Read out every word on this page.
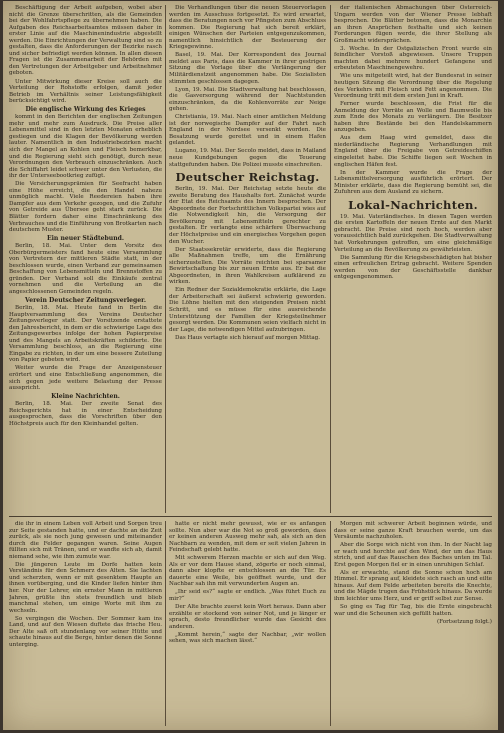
Beschäftigung der Arbeit aufgeben, wobei aber nicht die Grenze überschritten, als die Gemeinden bei der Wohlfahrtspflege zu übernehmen haben. Die Aufgaben des Reichsarbeitsamtes müssen daher in erster Linie auf die Maschinenindustrie abgestellt werden. Die Einrichtungen der Verwaltung sind so zu gestalten, dass die Anforderungen der Bezirke rasch und sicher befriedigt werden können. In allen diesen Fragen ist die Zusammenarbeit der Behörden mit den Vertretungen der Arbeitgeber und Arbeitnehmer geboten.

Unter Mitwirkung dieser Kreise soll auch die Verteilung der Rohstoffe erfolgen, damit jeder Betrieb im Verhältnis seiner Leistungsfähigkeit berücksichtigt wird.

Die englische Wirkung des Krieges

kommt in den Berichten der englischen Zeitungen mehr und mehr zum Ausdruck. Die Preise aller Lebensmittel sind in den letzten Monaten erheblich gestiegen und die Klagen der Bevölkerung werden lauter. Namentlich in den Industriebezirken macht sich der Mangel an Kohlen und Fleisch bemerkbar, und die Regierung sieht sich genötigt, durch neue Verordnungen den Verbrauch einzuschränken. Auch die Schiffahrt leidet schwer unter den Verlusten, die ihr der Unterseebootkrieg zufügt.

Die Versicherungsprämien für Seefracht haben eine Höhe erreicht, die den Handel nahezu unmöglich macht. Viele Reedereien haben ihre Dampfer aus dem Verkehr gezogen, und die Zufuhr von Getreide aus Übersee geht stark zurück. Die Blätter fordern daher eine Einschränkung des Verbrauches und die Einführung von Brotkarten nach deutschem Muster.

Ein neuer Städtebund.

Berlin, 18. Mai. Unter dem Vorsitz des Oberbürgermeisters fand heute eine Versammlung von Vertretern der mittleren Städte statt, in der beschlossen wurde, einen Verband zur gemeinsamen Beschaffung von Lebensmitteln und Brennstoffen zu gründen. Der Verband soll die Einkäufe zentral vornehmen und die Verteilung an die angeschlossenen Gemeinden regeln.

Verein Deutscher Zeitungsverleger.

Berlin, 18. Mai. Heute fand in Berlin die Hauptversammlung des Vereins Deutscher Zeitungsverleger statt. Der Vorsitzende erstattete den Jahresbericht, in dem er die schwierige Lage des Zeitungsgewerbes infolge der hohen Papierpreise und des Mangels an Arbeitskräften schilderte. Die Versammlung beschloss, an die Regierung eine Eingabe zu richten, in der um eine bessere Zuteilung von Papier gebeten wird.

Weiter wurde die Frage der Anzeigensteuer erörtert und eine Entschließung angenommen, die sich gegen jede weitere Belastung der Presse ausspricht.

Kleine Nachrichten.

Berlin, 18. Mai. Der zweite Senat des Reichsgerichts hat in einer Entscheidung ausgesprochen, dass die Vorschriften über den Höchstpreis auch für den Kleinhandel gelten.

Die Verhandlungen über die neuen Steuervorlagen werden im Ausschuss fortgesetzt. Es wird erwartet, dass die Beratungen noch vor Pfingsten zum Abschluss kommen. Die Regierung hat sich bereit erklärt, einigen Wünschen der Parteien entgegenzukommen, namentlich hinsichtlich der Besteuerung der Kriegsgewinne.

Basel, 19. Mai. Der Korrespondent des Journal meldet aus Paris, dass die Kammer in ihrer gestrigen Sitzung die Vorlage über die Verlängerung der Militärdienstzeit angenommen habe. Die Sozialisten stimmten geschlossen dagegen.

Lyon, 19. Mai. Die Stadtverwaltung hat beschlossen, die Gasversorgung während der Nachtstunden einzuschränken, da die Kohlenvorräte zur Neige gehen.

Christiania, 19. Mai. Nach einer amtlichen Meldung ist der norwegische Dampfer auf der Fahrt nach England in der Nordsee versenkt worden. Die Besatzung wurde gerettet und in einem Hafen gelandet.

Lugano, 19. Mai. Der Secolo meldet, dass in Mailand neue Kundgebungen gegen die Teuerung stattgefunden haben. Die Polizei musste einschreiten.

Deutscher Reichstag.

Berlin, 19. Mai. Der Reichstag setzte heute die zweite Beratung des Haushalts fort. Zunächst wurde der Etat des Reichsamts des Innern besprochen. Der Abgeordnete der Fortschrittlichen Volkspartei wies auf die Notwendigkeit hin, die Versorgung der Bevölkerung mit Lebensmitteln gerechter zu gestalten. Er verlangte eine schärfere Überwachung der Höchstpreise und ein energisches Vorgehen gegen den Wucher.

Der Staatssekretär erwiderte, dass die Regierung alle Maßnahmen treffe, um die Ernährung sicherzustellen. Die Vorräte reichten bei sparsamer Bewirtschaftung bis zur neuen Ernte aus. Er bat die Abgeordneten, in ihren Wahlkreisen aufklärend zu wirken.

Ein Redner der Sozialdemokratie erklärte, die Lage der Arbeiterschaft sei äußerst schwierig geworden. Die Löhne hielten mit den steigenden Preisen nicht Schritt, und es müsse für eine ausreichende Unterstützung der Familien der Kriegsteilnehmer gesorgt werden. Die Kommunen seien vielfach nicht in der Lage, die notwendigen Mittel aufzubringen.

Das Haus vertagte sich hierauf auf morgen Mittag.

der italienischen Abmachungen über Österreich-Ungarn werden von der Wiener Presse lebhaft besprochen. Die Blätter betonen, dass die Monarchie an ihren Ansprüchen festhalte und sich keinen Forderungen fügen werde, die ihrer Stellung als Großmacht widersprächen.

3. Woche. In der Ostgalizischen Front wurde ein feindlicher Vorstoß abgewiesen. Unsere Truppen machten dabei mehrere hundert Gefangene und erbeuteten Maschinengewehre.

Wie uns mitgeteilt wird, hat der Bundesrat in seiner heutigen Sitzung die Verordnung über die Regelung des Verkehrs mit Fleisch und Fett angenommen. Die Verordnung tritt mit dem ersten Juni in Kraft.

Ferner wurde beschlossen, die Frist für die Anmeldung der Vorräte an Wolle und Baumwolle bis zum Ende des Monats zu verlängern. Die Besitzer haben ihre Bestände bei den Handelskammern anzugeben.

Aus dem Haag wird gemeldet, dass die niederländische Regierung Verhandlungen mit England über die Freigabe von Getreideschiffen eingeleitet habe. Die Schiffe liegen seit Wochen in englischen Häfen fest.

In der Kammer wurde die Frage der Lebensmittelversorgung ausführlich erörtert. Der Minister erklärte, dass die Regierung bemüht sei, die Zufuhren aus dem Ausland zu sichern.

Lokal-Nachrichten.

19. Mai. Vaterländisches. In diesen Tagen werden die ersten Kartoffeln der neuen Ernte auf den Markt gebracht. Die Preise sind noch hoch, werden aber voraussichtlich bald zurückgehen. Die Stadtverwaltung hat Vorkehrungen getroffen, um eine gleichmäßige Verteilung an die Bevölkerung zu gewährleisten.

Die Sammlung für die Kriegsbeschädigten hat bisher einen erfreulichen Ertrag gebracht. Weitere Spenden werden von der Geschäftsstelle dankbar entgegengenommen.

die ihr in einem Leben voll Arbeit und Sorgen treu zur Seite gestanden hatte, und er dachte an die Zeit zurück, als sie noch jung gewesen und miteinander durch die Felder gegangen waren. Seine Augen füllten sich mit Tränen, und er wandte sich ab, damit niemand sehe, wie ihm zumute war.

Die jüngeren Leute im Dorfe hatten kein Verständnis für den Schmerz des Alten. Sie lachten und scherzten, wenn er mit gesenktem Haupte an ihnen vorüberging, und die Kinder liefen hinter ihm her. Nur der Lehrer, ein ernster Mann in mittleren Jahren, grüßte ihn stets freundlich und blieb manchmal stehen, um einige Worte mit ihm zu wechseln.

So vergingen die Wochen. Der Sommer kam ins Land, und auf den Wiesen duftete das frische Heu. Der Alte saß oft stundenlang vor seiner Hütte und schaute hinaus auf die Berge, hinter denen die Sonne unterging.

hatte er nicht mehr gewusst, wie er es anfangen sollte. Nun aber war die Not so groß geworden, dass er keinen anderen Ausweg mehr sah, als sich an den Nachbarn zu wenden, mit dem er seit vielen Jahren in Feindschaft gelebt hatte.

Mit schwerem Herzen machte er sich auf den Weg. Als er vor dem Hause stand, zögerte er noch einmal, dann aber klopfte er entschlossen an die Tür. Es dauerte eine Weile, bis geöffnet wurde, und der Nachbar sah ihn mit verwunderten Augen an.

„Ihr seid es?“ sagte er endlich. „Was führt Euch zu mir?“

Der Alte brachte zuerst kein Wort heraus. Dann aber erzählte er stockend von seiner Not, und je länger er sprach, desto freundlicher wurde das Gesicht des anderen.

„Kommt herein,“ sagte der Nachbar, „wir wollen sehen, was sich machen lässt.“

Morgen mit schwerer Arbeit beginnen würde, und dass er seine ganze Kraft brauchen werde, um das Versäumte nachzuholen.

Aber die Sorge wich nicht von ihm. In der Nacht lag er wach und horchte auf den Wind, der um das Haus strich, und auf das Rauschen des Baches unten im Tal. Erst gegen Morgen fiel er in einen unruhigen Schlaf.

Als er erwachte, stand die Sonne schon hoch am Himmel. Er sprang auf, kleidete sich rasch an und eilte hinaus. Auf dem Felde arbeiteten bereits die Knechte, und die Mägde trugen das Frühstück hinaus. Da wurde ihm leichter ums Herz, und er griff selbst zur Sense.

So ging es Tag für Tag, bis die Ernte eingebracht war und die Scheunen sich gefüllt hatten.

(Fortsetzung folgt.)
